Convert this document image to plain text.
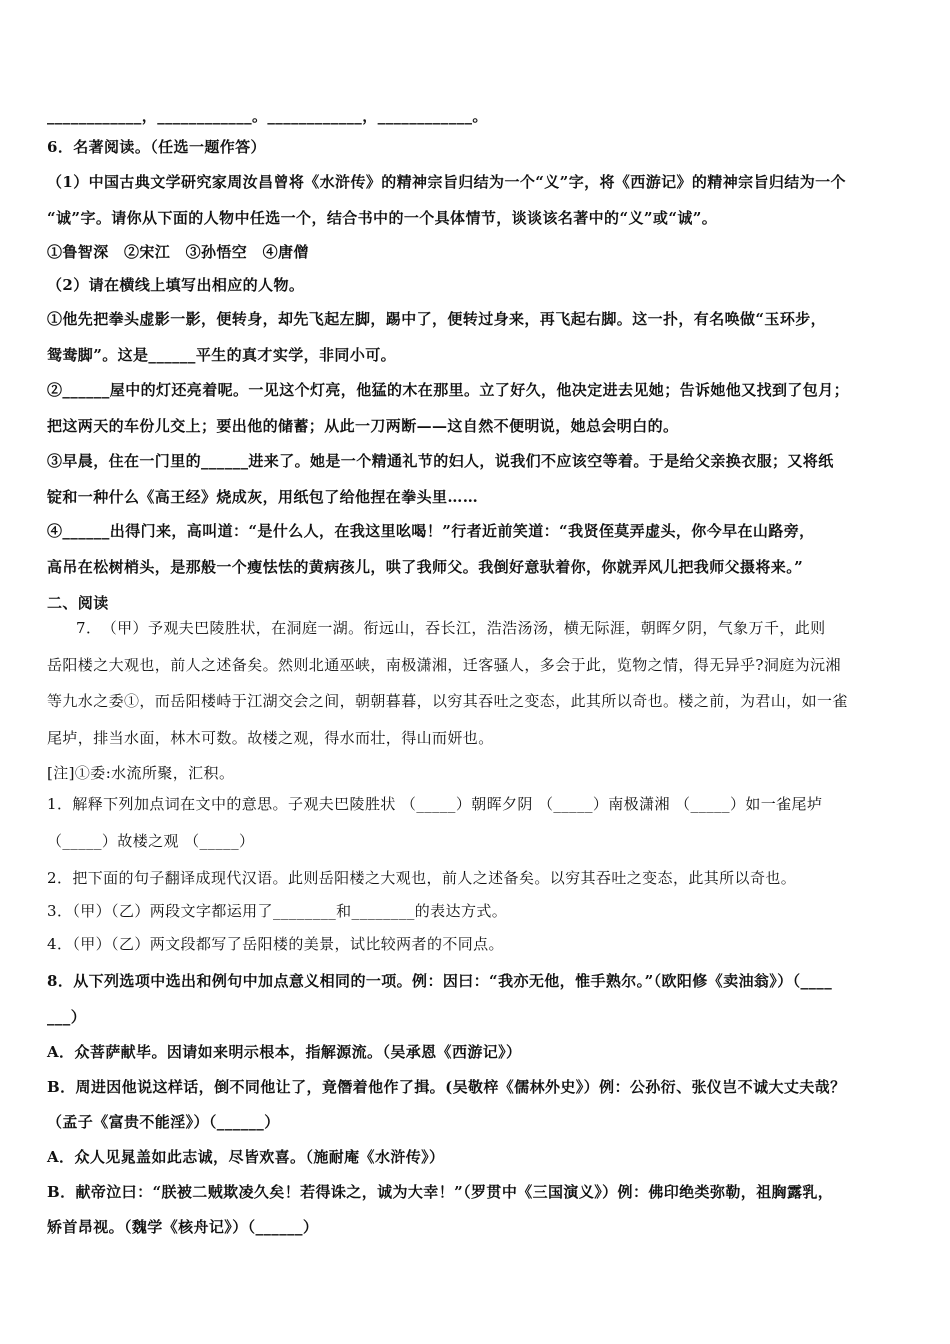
____________，____________。____________，____________。
6．名著阅读。（任选一题作答）
（1）中国古典文学研究家周汝昌曾将《水浒传》的精神宗旨归结为一个“义”字，将《西游记》的精神宗旨归结为一个
“诚”字。请你从下面的人物中任选一个，结合书中的一个具体情节，谈谈该名著中的“义”或“诚”。
①鲁智深　②宋江　③孙悟空　④唐僧
（2）请在横线上填写出相应的人物。
①他先把拳头虚影一影，便转身，却先飞起左脚，踢中了，便转过身来，再飞起右脚。这一扑，有名唤做“玉环步，
鸳鸯脚”。这是______平生的真才实学，非同小可。
②______屋中的灯还亮着呢。一见这个灯亮，他猛的木在那里。立了好久，他决定进去见她；告诉她他又找到了包月；
把这两天的车份儿交上；要出他的储蓄；从此一刀两断——这自然不便明说，她总会明白的。
③早晨，住在一门里的______进来了。她是一个精通礼节的妇人，说我们不应该空等着。于是给父亲换衣服；又将纸
锭和一种什么《高王经》烧成灰，用纸包了给他捏在拳头里……
④______出得门来，高叫道：“是什么人，在我这里吆喝！”行者近前笑道：“我贤侄莫弄虚头，你今早在山路旁，
高吊在松树梢头，是那般一个瘦怯怯的黄病孩儿，哄了我师父。我倒好意驮着你，你就弄风儿把我师父摄将来。”
二、阅读
7．　（甲）予观夫巴陵胜状，在洞庭一湖。衔远山，吞长江，浩浩汤汤，横无际涯，朝晖夕阴，气象万千，此则
岳阳楼之大观也，前人之述备矣。然则北通巫峡，南极潇湘，迁客骚人，多会于此，览物之情，得无异乎?洞庭为沅湘
等九水之委①，而岳阳楼峙于江湖交会之间，朝朝暮暮，以穷其吞吐之变态，此其所以奇也。楼之前，为君山，如一雀
尾垆，排当水面，林木可数。故楼之观，得水而壮，得山而妍也。
[注]①委:水流所聚，汇积。
1．解释下列加点词在文中的意思。子观夫巴陵胜状 （_____）朝晖夕阴 （_____）南极潇湘 （_____）如一雀尾垆
（_____）故楼之观 （_____）
2．把下面的句子翻译成现代汉语。此则岳阳楼之大观也，前人之述备矣。以穷其吞吐之变态，此其所以奇也。
3．（甲）（乙）两段文字都运用了________和________的表达方式。
4．（甲）（乙）两文段都写了岳阳楼的美景，试比较两者的不同点。
8．从下列选项中选出和例句中加点意义相同的一项。例：因曰：“我亦无他，惟手熟尔。”（欧阳修《卖油翁》）（____
___）
A．众菩萨献毕。因请如来明示根本，指解源流。（吴承恩《西游记》）
B．周进因他说这样话，倒不同他让了，竟僭着他作了揖。(吴敬梓《儒林外史》）例：公孙衍、张仪岂不诚大丈夫哉？
（孟子《富贵不能淫》）（______）
A．众人见晁盖如此志诚，尽皆欢喜。（施耐庵《水浒传》）
B．献帝泣曰：“朕被二贼欺凌久矣！若得诛之，诚为大幸！”（罗贯中《三国演义》）例：佛印绝类弥勒，祖胸露乳，
矫首昂视。（魏学《核舟记》）（______）
